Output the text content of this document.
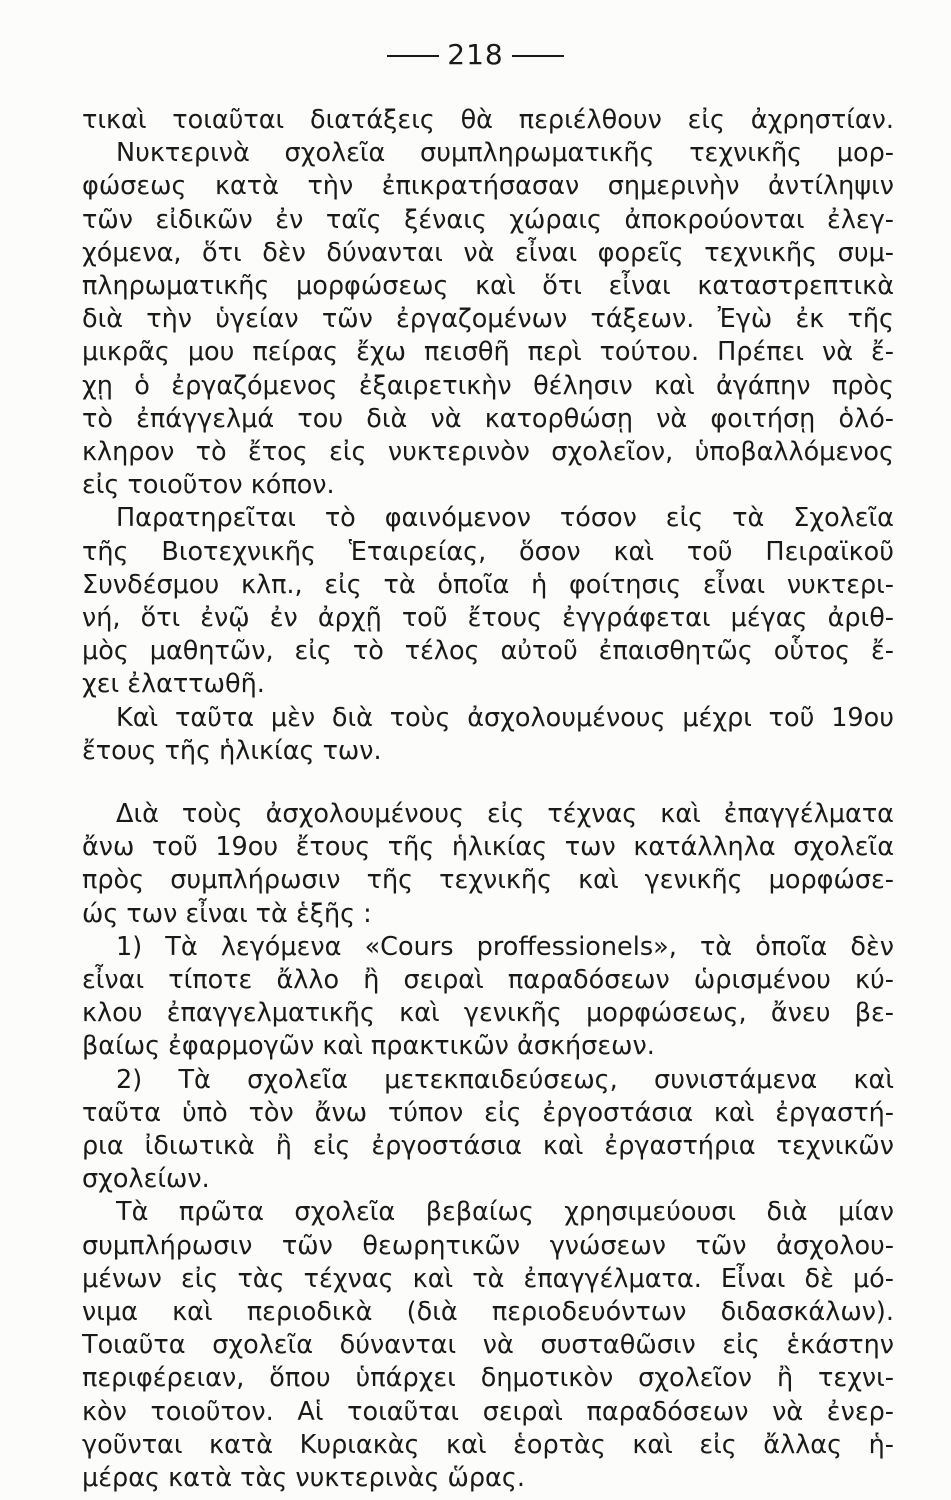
218
τικαὶ τοιαῦται διατάξεις θὰ περιέλθουν εἰς ἀχρηστίαν.
Νυκτερινὰ σχολεῖα συμπληρωματικῆς τεχνικῆς μορ-
φώσεως κατὰ τὴν ἐπικρατήσασαν σημερινὴν ἀντίληψιν
τῶν εἰδικῶν ἐν ταῖς ξέναις χώραις ἀποκρούονται ἐλεγ-
χόμενα, ὅτι δὲν δύνανται νὰ εἶναι φορεῖς τεχνικῆς συμ-
πληρωματικῆς μορφώσεως καὶ ὅτι εἶναι καταστρεπτικὰ
διὰ τὴν ὑγείαν τῶν ἐργαζομένων τάξεων. Ἐγὼ ἐκ τῆς
μικρᾶς μου πείρας ἔχω πεισθῆ περὶ τούτου. Πρέπει νὰ ἔ-
χῃ ὁ ἐργαζόμενος ἐξαιρετικὴν θέλησιν καὶ ἀγάπην πρὸς
τὸ ἐπάγγελμά του διὰ νὰ κατορθώσῃ νὰ φοιτήσῃ ὁλό-
κληρον τὸ ἔτος εἰς νυκτερινὸν σχολεῖον, ὑποβαλλόμενος
εἰς τοιοῦτον κόπον.
Παρατηρεῖται τὸ φαινόμενον τόσον εἰς τὰ Σχολεῖα
τῆς Βιοτεχνικῆς Ἑταιρείας, ὅσον καὶ τοῦ Πειραϊκοῦ
Συνδέσμου κλπ., εἰς τὰ ὁποῖα ἡ φοίτησις εἶναι νυκτερι-
νή, ὅτι ἐνῷ ἐν ἀρχῇ τοῦ ἔτους ἐγγράφεται μέγας ἀριθ-
μὸς μαθητῶν, εἰς τὸ τέλος αὐτοῦ ἐπαισθητῶς οὗτος ἔ-
χει ἐλαττωθῆ.
Καὶ ταῦτα μὲν διὰ τοὺς ἀσχολουμένους μέχρι τοῦ 19ου
ἔτους τῆς ἡλικίας των.
Διὰ τοὺς ἀσχολουμένους εἰς τέχνας καὶ ἐπαγγέλματα
ἄνω τοῦ 19ου ἔτους τῆς ἡλικίας των κατάλληλα σχολεῖα
πρὸς συμπλήρωσιν τῆς τεχνικῆς καὶ γενικῆς μορφώσε-
ώς των εἶναι τὰ ἑξῆς :
1) Τὰ λεγόμενα «Cours proffessionels», τὰ ὁποῖα δὲν
εἶναι τίποτε ἄλλο ἢ σειραὶ παραδόσεων ὡρισμένου κύ-
κλου ἐπαγγελματικῆς καὶ γενικῆς μορφώσεως, ἄνευ βε-
βαίως ἐφαρμογῶν καὶ πρακτικῶν ἀσκήσεων.
2) Τὰ σχολεῖα μετεκπαιδεύσεως, συνιστάμενα καὶ
ταῦτα ὑπὸ τὸν ἄνω τύπον εἰς ἐργοστάσια καὶ ἐργαστή-
ρια ἰδιωτικὰ ἢ εἰς ἐργοστάσια καὶ ἐργαστήρια τεχνικῶν
σχολείων.
Τὰ πρῶτα σχολεῖα βεβαίως χρησιμεύουσι διὰ μίαν
συμπλήρωσιν τῶν θεωρητικῶν γνώσεων τῶν ἀσχολου-
μένων εἰς τὰς τέχνας καὶ τὰ ἐπαγγέλματα. Εἶναι δὲ μό-
νιμα καὶ περιοδικὰ (διὰ περιοδευόντων διδασκάλων).
Τοιαῦτα σχολεῖα δύνανται νὰ συσταθῶσιν εἰς ἑκάστην
περιφέρειαν, ὅπου ὑπάρχει δημοτικὸν σχολεῖον ἢ τεχνι-
κὸν τοιοῦτον. Αἱ τοιαῦται σειραὶ παραδόσεων νὰ ἐνερ-
γοῦνται κατὰ Κυριακὰς καὶ ἑορτὰς καὶ εἰς ἄλλας ἡ-
μέρας κατὰ τὰς νυκτερινὰς ὥρας.
